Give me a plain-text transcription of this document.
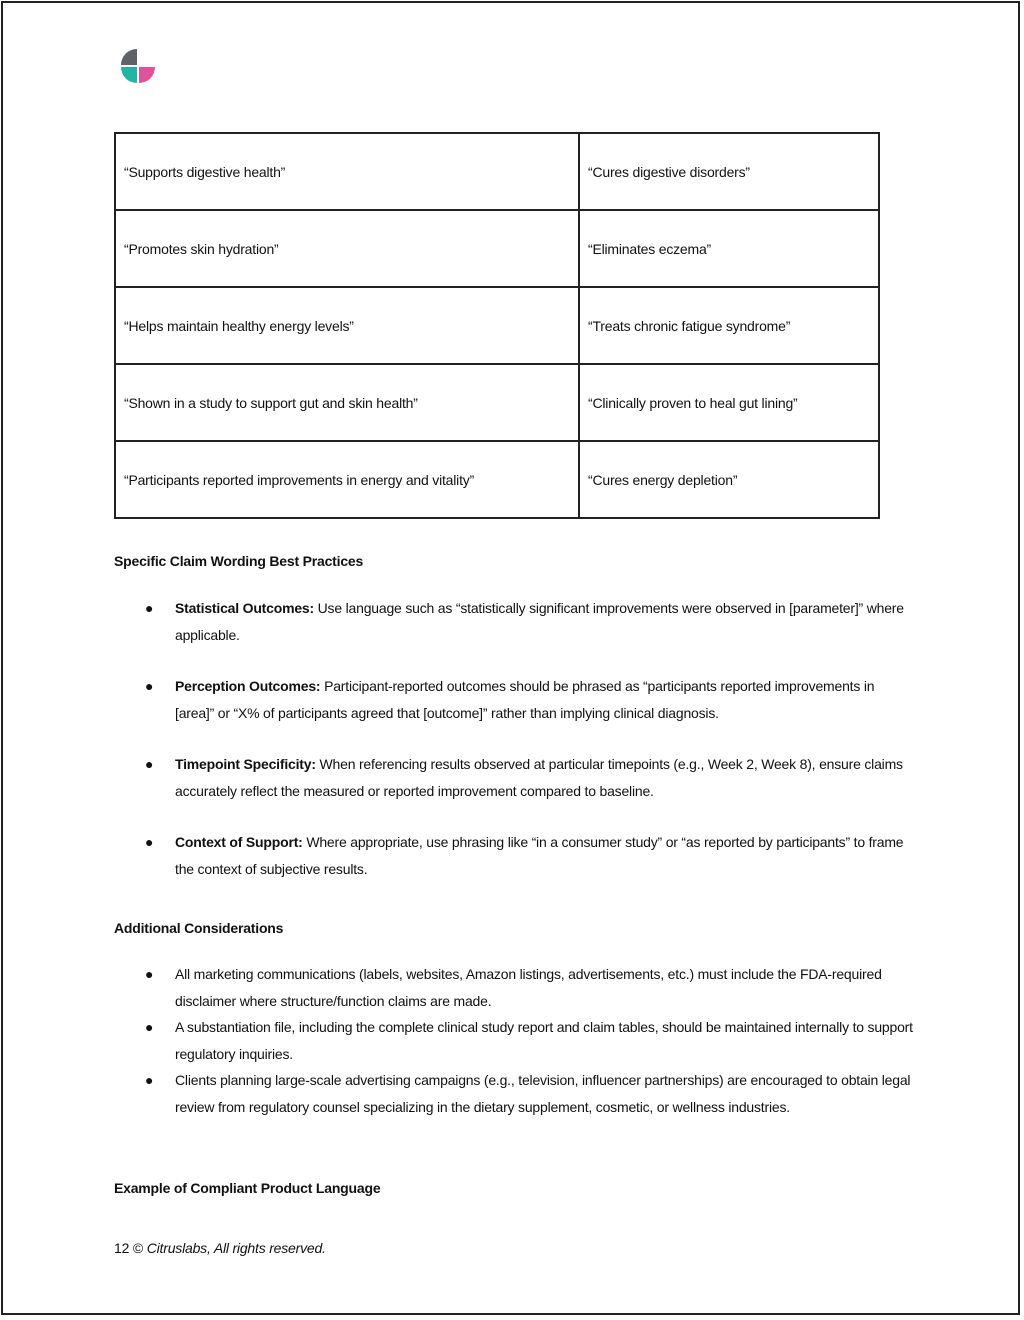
“Supports digestive health”	“Cures digestive disorders”
“Promotes skin hydration”	“Eliminates eczema”
“Helps maintain healthy energy levels”	“Treats chronic fatigue syndrome”
“Shown in a study to support gut and skin health”	“Clinically proven to heal gut lining”
“Participants reported improvements in energy and vitality”	“Cures energy depletion”
Specific Claim Wording Best Practices
● Statistical Outcomes: Use language such as “statistically significant improvements were observed in [parameter]” where applicable.
● Perception Outcomes: Participant-reported outcomes should be phrased as “participants reported improvements in [area]” or “X% of participants agreed that [outcome]” rather than implying clinical diagnosis.
● Timepoint Specificity: When referencing results observed at particular timepoints (e.g., Week 2, Week 8), ensure claims accurately reflect the measured or reported improvement compared to baseline.
● Context of Support: Where appropriate, use phrasing like “in a consumer study” or “as reported by participants” to frame the context of subjective results.
Additional Considerations
● All marketing communications (labels, websites, Amazon listings, advertisements, etc.) must include the FDA-required disclaimer where structure/function claims are made.
● A substantiation file, including the complete clinical study report and claim tables, should be maintained internally to support regulatory inquiries.
● Clients planning large-scale advertising campaigns (e.g., television, influencer partnerships) are encouraged to obtain legal review from regulatory counsel specializing in the dietary supplement, cosmetic, or wellness industries.
Example of Compliant Product Language
12 © Citruslabs, All rights reserved.
